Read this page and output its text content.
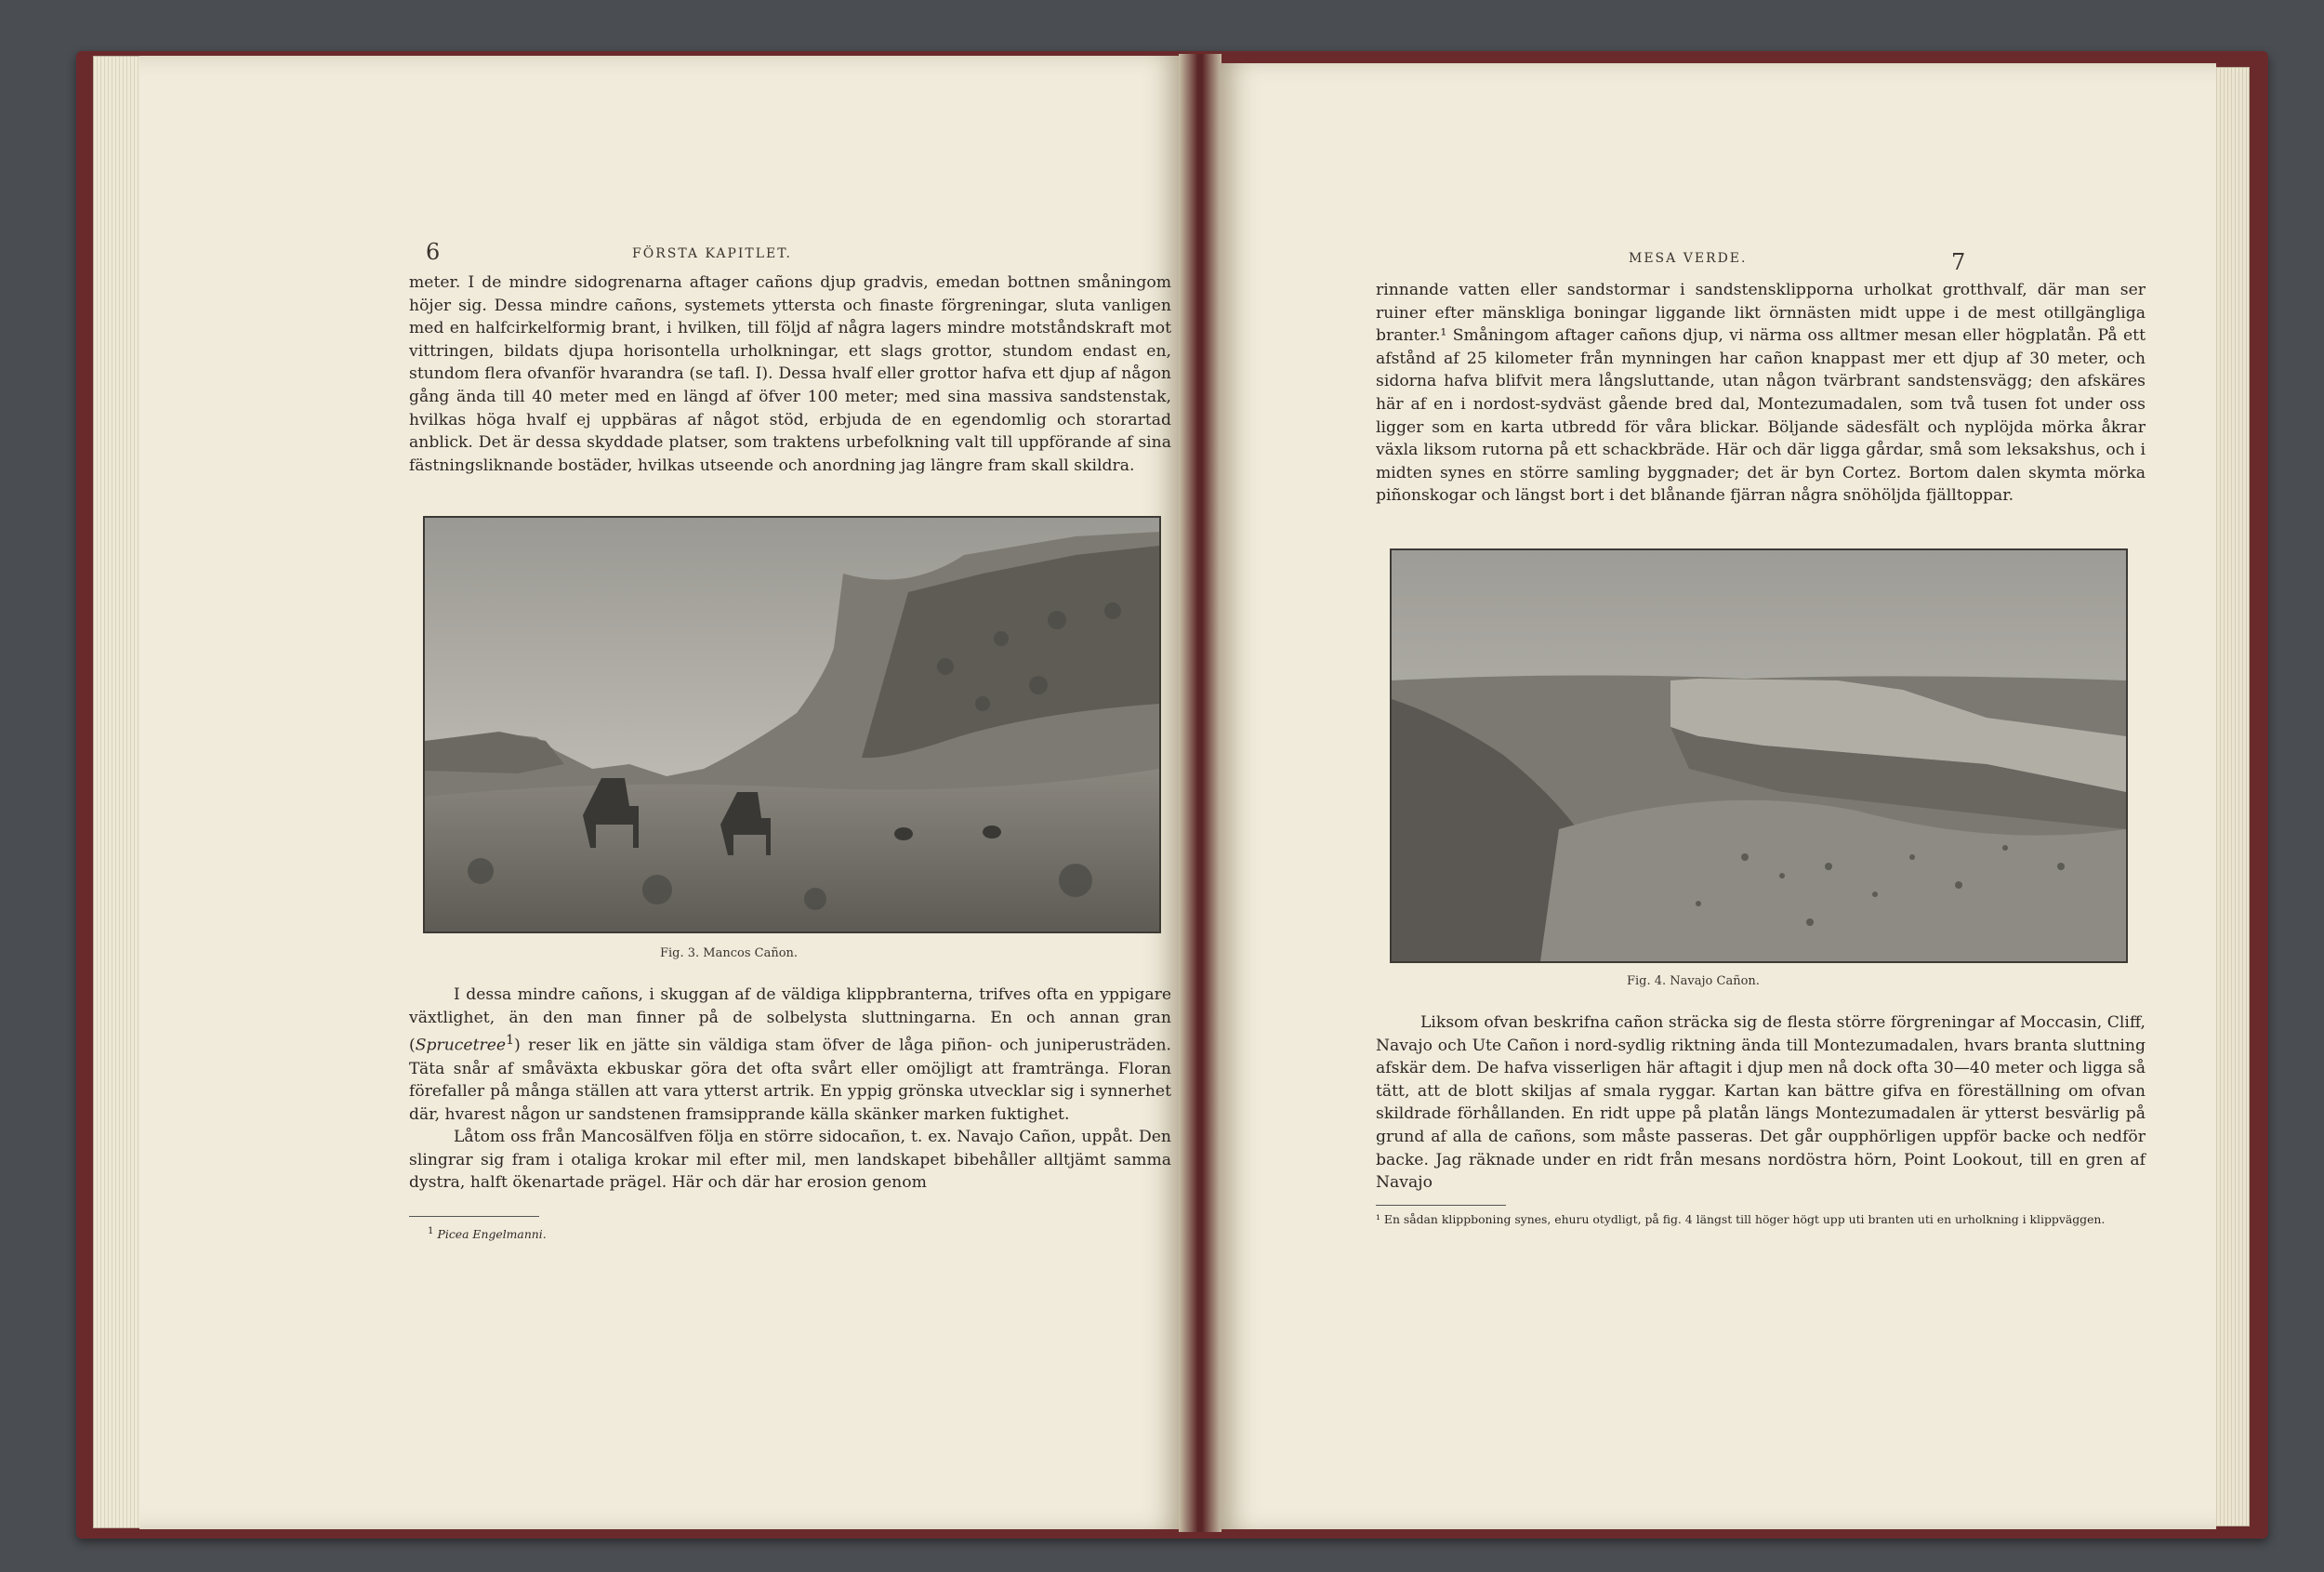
6	FÖRSTA KAPITLET.

meter. I de mindre sidogrenarna aftager cañons djup gradvis, emedan bottnen småningom höjer sig. Dessa mindre cañons, systemets yttersta och finaste förgreningar, sluta vanligen med en halfcirkelformig brant, i hvilken, till följd af några lagers mindre motståndskraft mot vittringen, bildats djupa horisontella urholkningar, ett slags grottor, stundom endast en, stundom flera ofvanför hvarandra (se tafl. I). Dessa hvalf eller grottor hafva ett djup af någon gång ända till 40 meter med en längd af öfver 100 meter; med sina massiva sandstenstak, hvilkas höga hvalf ej uppbäras af något stöd, erbjuda de en egendomlig och storartad anblick. Det är dessa skyddade platser, som traktens urbefolkning valt till uppförande af sina fästningsliknande bostäder, hvilkas utseende och anordning jag längre fram skall skildra.

Fig. 3. Mancos Cañon.

I dessa mindre cañons, i skuggan af de väldiga klippbranterna, trifves ofta en yppigare växtlighet, än den man finner på de solbelysta sluttningarna. En och annan gran (Sprucetree$^1$) reser lik en jätte sin väldiga stam öfver de låga piñon- och juniperusträden. Täta snår af småväxta ekbuskar göra det ofta svårt eller omöjligt att framtränga. Floran förefaller på många ställen att vara ytterst artrik. En yppig grönska utvecklar sig i synnerhet där, hvarest någon ur sandstenen framsipprande källa skänker marken fuktighet.

Låtom oss från Mancosälfven följa en större sidocañon, t. ex. Navajo Cañon, uppåt. Den slingrar sig fram i otaliga krokar mil efter mil, men landskapet bibehåller alltjämt samma dystra, halft ökenartade prägel. Här och där har erosion genom

$^1$ Picea Engelmanni.
MESA VERDE.	7

rinnande vatten eller sandstormar i sandstensklipporna urholkat grotthvalf, där man ser ruiner efter mänskliga boningar liggande likt örnnästen midt uppe i de mest otillgängliga branter.¹ Småningom aftager cañons djup, vi närma oss alltmer mesan eller högplatån. På ett afstånd af 25 kilometer från mynningen har cañon knappast mer ett djup af 30 meter, och sidorna hafva blifvit mera långsluttande, utan någon tvärbrant sandstensvägg; den afskäres här af en i nordost-sydväst gående bred dal, Montezumadalen, som två tusen fot under oss ligger som en karta utbredd för våra blickar. Böljande sädesfält och nyplöjda mörka åkrar växla liksom rutorna på ett schackbräde. Här och där ligga gårdar, små som leksakshus, och i midten synes en större samling byggnader; det är byn Cortez. Bortom dalen skymta mörka piñonskogar och längst bort i det blånande fjärran några snöhöljda fjälltoppar.

Fig. 4. Navajo Cañon.

Liksom ofvan beskrifna cañon sträcka sig de flesta större förgreningar af Moccasin, Cliff, Navajo och Ute Cañon i nord-sydlig riktning ända till Montezumadalen, hvars branta sluttning afskär dem. De hafva visserligen här aftagit i djup men nå dock ofta 30—40 meter och ligga så tätt, att de blott skiljas af smala ryggar. Kartan kan bättre gifva en föreställning om ofvan skildrade förhållanden. En ridt uppe på platån längs Montezumadalen är ytterst besvärlig på grund af alla de cañons, som måste passeras. Det går oupphörligen uppför backe och nedför backe. Jag räknade under en ridt från mesans nordöstra hörn, Point Lookout, till en gren af Navajo

¹ En sådan klippboning synes, ehuru otydligt, på fig. 4 längst till höger högt upp uti branten uti en urholkning i klippväggen.
